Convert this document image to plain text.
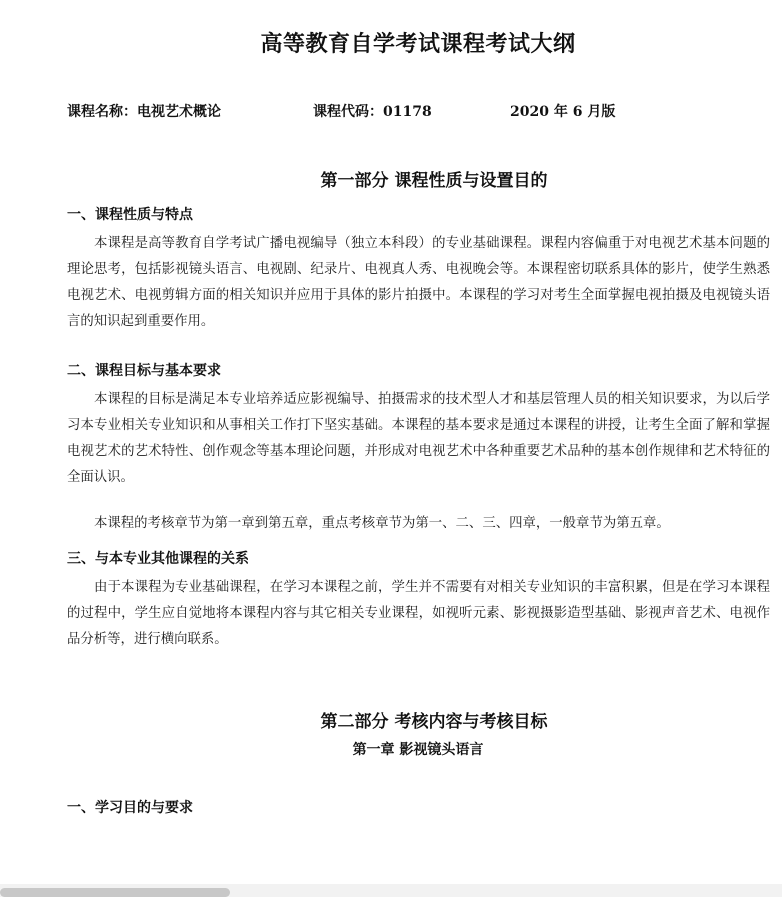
高等教育自学考试课程考试大纲
课程名称：电视艺术概论	课程代码：01178	2020 年 6 月版
第一部分 课程性质与设置目的
一、课程性质与特点

本课程是高等教育自学考试广播电视编导（独立本科段）的专业基础课程。课程内容偏重于对电视艺术基本问题的理论思考，包括影视镜头语言、电视剧、纪录片、电视真人秀、电视晚会等。本课程密切联系具体的影片，使学生熟悉电视艺术、电视剪辑方面的相关知识并应用于具体的影片拍摄中。本课程的学习对考生全面掌握电视拍摄及电视镜头语言的知识起到重要作用。

二、课程目标与基本要求

本课程的目标是满足本专业培养适应影视编导、拍摄需求的技术型人才和基层管理人员的相关知识要求，为以后学习本专业相关专业知识和从事相关工作打下坚实基础。本课程的基本要求是通过本课程的讲授，让考生全面了解和掌握电视艺术的艺术特性、创作观念等基本理论问题，并形成对电视艺术中各种重要艺术品种的基本创作规律和艺术特征的全面认识。

本课程的考核章节为第一章到第五章，重点考核章节为第一、二、三、四章，一般章节为第五章。

三、与本专业其他课程的关系

由于本课程为专业基础课程，在学习本课程之前，学生并不需要有对相关专业知识的丰富积累，但是在学习本课程的过程中，学生应自觉地将本课程内容与其它相关专业课程，如视听元素、影视摄影造型基础、影视声音艺术、电视作品分析等，进行横向联系。

第二部分 考核内容与考核目标
第一章 影视镜头语言
一、学习目的与要求
